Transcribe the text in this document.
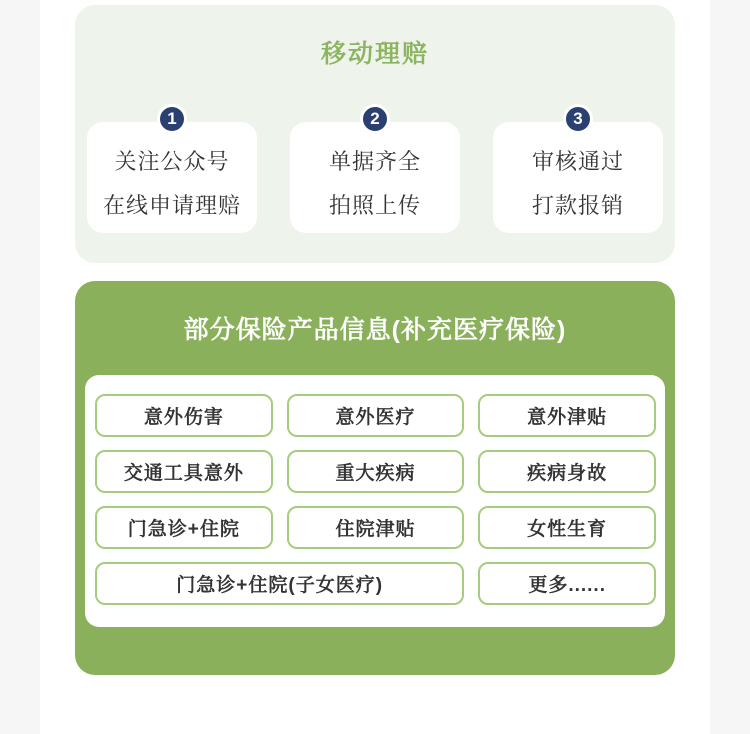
移动理赔
1
关注公众号
在线申请理赔
2
单据齐全
拍照上传
3
审核通过
打款报销
部分保险产品信息(补充医疗保险)
意外伤害	意外医疗	意外津贴
交通工具意外	重大疾病	疾病身故
门急诊+住院	住院津贴	女性生育
门急诊+住院(子女医疗)	更多......
